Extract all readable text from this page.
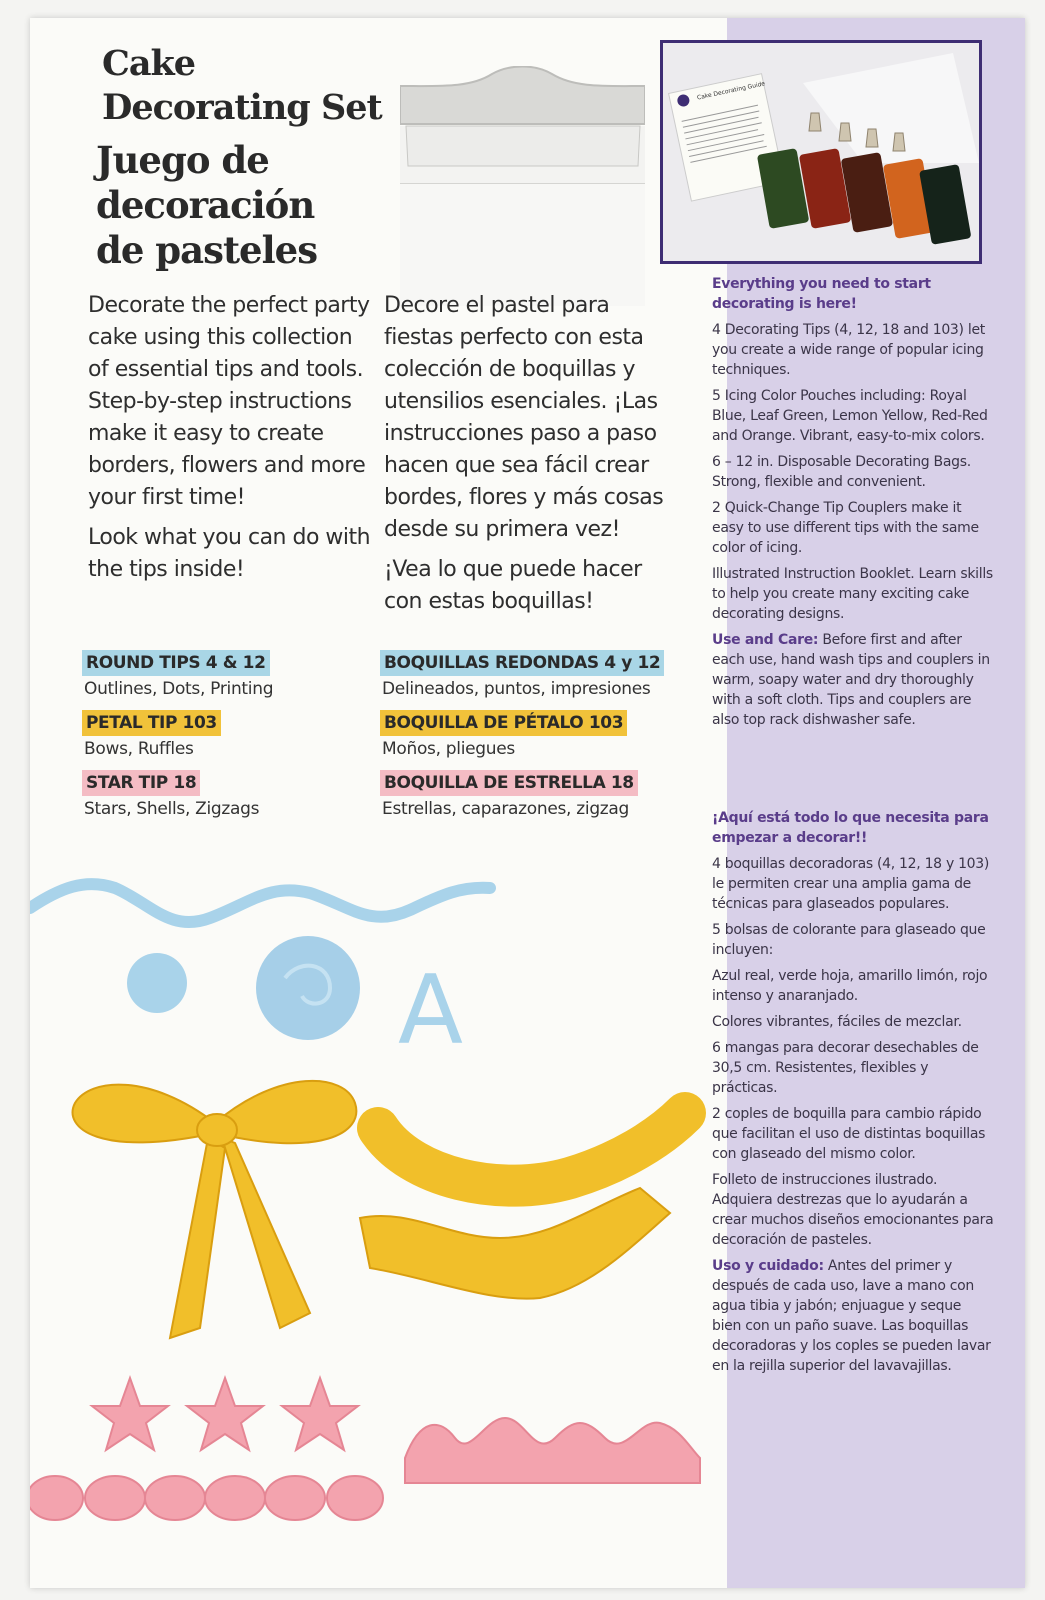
Cake
Decorating Set
Juego de
decoración
de pasteles

Decorate the perfect party cake using this collection of essential tips and tools. Step-by-step instructions make it easy to create borders, flowers and more your first time!

Look what you can do with the tips inside!

Decore el pastel para fiestas perfecto con esta colección de boquillas y utensilios esenciales. ¡Las instrucciones paso a paso hacen que sea fácil crear bordes, flores y más cosas desde su primera vez!

¡Vea lo que puede hacer con estas boquillas!

ROUND TIPS 4 & 12
Outlines, Dots, Printing
PETAL TIP 103
Bows, Ruffles
STAR TIP 18
Stars, Shells, Zigzags
BOQUILLAS REDONDAS 4 y 12
Delineados, puntos, impresiones
BOQUILLA DE PÉTALO 103
Moños, pliegues
BOQUILLA DE ESTRELLA 18
Estrellas, caparazones, zigzag
Cake Decorating Guide

Everything you need to start decorating is here!

4 Decorating Tips (4, 12, 18 and 103) let you create a wide range of popular icing techniques.

5 Icing Color Pouches including: Royal Blue, Leaf Green, Lemon Yellow, Red-Red and Orange. Vibrant, easy-to-mix colors.

6 – 12 in. Disposable Decorating Bags. Strong, flexible and convenient.

2 Quick-Change Tip Couplers make it easy to use different tips with the same color of icing.

Illustrated Instruction Booklet. Learn skills to help you create many exciting cake decorating designs.

Use and Care: Before first and after each use, hand wash tips and couplers in warm, soapy water and dry thoroughly with a soft cloth. Tips and couplers are also top rack dishwasher safe.

¡Aquí está todo lo que necesita para empezar a decorar!!

4 boquillas decoradoras (4, 12, 18 y 103) le permiten crear una amplia gama de técnicas para glaseados populares.

5 bolsas de colorante para glaseado que incluyen:

Azul real, verde hoja, amarillo limón, rojo intenso y anaranjado.

Colores vibrantes, fáciles de mezclar.

6 mangas para decorar desechables de 30,5 cm. Resistentes, flexibles y prácticas.

2 coples de boquilla para cambio rápido que facilitan el uso de distintas boquillas con glaseado del mismo color.

Folleto de instrucciones ilustrado. Adquiera destrezas que lo ayudarán a crear muchos diseños emocionantes para decoración de pasteles.

Uso y cuidado: Antes del primer y después de cada uso, lave a mano con agua tibia y jabón; enjuague y seque bien con un paño suave. Las boquillas decoradoras y los coples se pueden lavar en la rejilla superior del lavavajillas.

A
